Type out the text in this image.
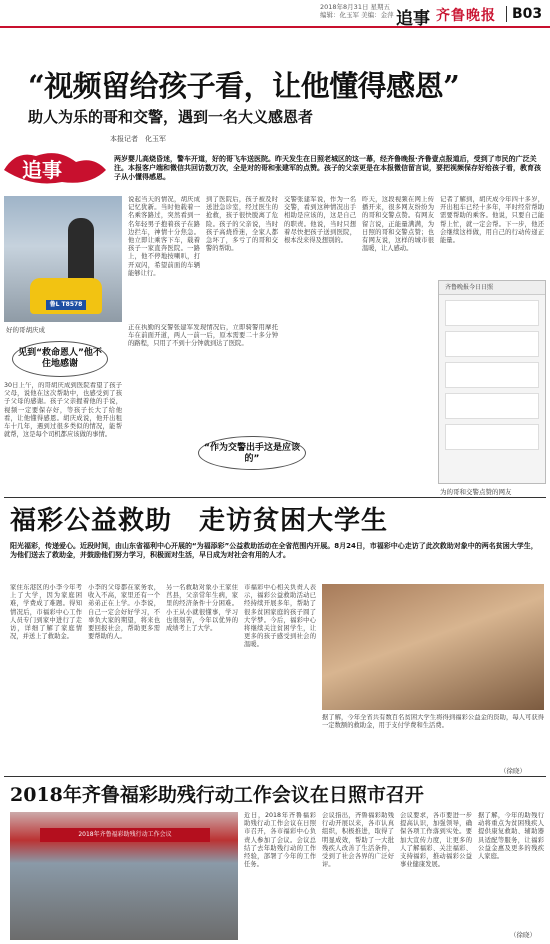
2018年8月31日 星期五
编辑：化玉军 美编：金萍 追事 齐鲁晚报 B03
“视频留给孩子看，让他懂得感恩”
助人为乐的哥和交警，遇到一名大义感恩者
本报记者　化玉军
追事	两岁婴儿高烧昏迷，警车开道，好的哥飞车送医院。昨天发生在日照老城区的这一幕，经齐鲁晚报·齐鲁壹点报道后，受到了市民的广泛关注。本报客户端和微信共回访数万次，全是对的哥和张建军的点赞。孩子的父亲更是在本报微信留言说，要把视频保存好给孩子看，教育孩子从小懂得感恩。
鲁L T8578
好的哥胡庆成
见到“救命恩人”他不住地感谢
30日上午，的哥胡庆成到医院看望了孩子父母，说他在这次帮助中，也感受到了孩子父母的感谢。孩子父亲握着他的手说，视频一定要保存好，等孩子长大了给他看，让他懂得感恩。胡庆成说，他开出租车十几年，遇到过很多类似的情况，能帮就帮，这是每个司机都应该做的事情。
说起当天的情况，胡庆成记忆犹新。当时他载着一名乘客路过，突然看到一名年轻男子抱着孩子在路边拦车，神情十分焦急。他立即让乘客下车，载着孩子一家直奔医院。一路上，他不停地按喇叭，打开双闪，希望前面的车辆能够让行。
正在执勤的交警张建军发现情况后，立即骑警用摩托车在前面开道，两人一前一后，原本需要二十多分钟的路程，只用了不到十分钟就到达了医院。
到了医院后，孩子被及时送进急诊室，经过医生的抢救，孩子很快脱离了危险。孩子的父亲说，当时孩子高烧昏迷，全家人都急坏了，多亏了的哥和交警的帮助。
交警张建军说，作为一名交警，看到这种情况出手相助是应该的，这是自己的职责。他说，当时只想着尽快把孩子送到医院，根本没来得及想别的。
“作为交警出手这是应该的”
昨天，这段视频在网上传播开来，很多网友纷纷为的哥和交警点赞。有网友留言说，正能量满满，为日照的哥和交警点赞；也有网友说，这样的城市很温暖，让人感动。
记者了解到，胡庆成今年四十多岁，开出租车已经十多年，平时经常帮助需要帮助的乘客。他说，只要自己能帮上忙，就一定会帮。下一步，他还会继续这样做，用自己的行动传递正能量。
齐鲁晚报今日日照
为的哥和交警点赞的网友
福彩公益救助　走访贫困大学生
阳光福彩，传递爱心。近段时间，由山东省福利中心开展的“为福添彩”公益救助活动在全省范围内开展。8月24日，市福彩中心走访了此次救助对象中的两名贫困大学生，为他们送去了救助金，并鼓励他们努力学习，积极面对生活，早日成为对社会有用的人才。
家住东港区的小李今年考上了大学，因为家庭困难，学费成了难题。得知情况后，市福彩中心工作人员专门到家中进行了走访，详细了解了家庭情况，并送上了救助金。
小李的父母都在家务农，收入不高，家里还有一个弟弟正在上学。小李说，自己一定会好好学习，不辜负大家的期望，将来也要回报社会，帮助更多需要帮助的人。
另一名救助对象小王家住莒县，父亲常年生病，家里的经济条件十分困难。小王从小就很懂事，学习也很刻苦，今年以优异的成绩考上了大学。
市福彩中心相关负责人表示，福彩公益救助活动已经持续开展多年，帮助了很多贫困家庭的孩子圆了大学梦。今后，福彩中心将继续关注贫困学生，让更多的孩子感受到社会的温暖。
据了解，今年全省共有数百名贫困大学生将得到福彩公益金的资助，每人可获得一定数额的救助金，用于支付学费和生活费。
（徐晓）
2018年齐鲁福彩助残行动工作会议在日照市召开
2018年齐鲁福彩助残行动工作会议
近日，2018年齐鲁福彩助残行动工作会议在日照市召开，各市福彩中心负责人参加了会议。会议总结了去年助残行动的工作经验，部署了今年的工作任务。
会议指出，齐鲁福彩助残行动开展以来，各市认真组织，积极推进，取得了明显成效，帮助了一大批残疾人改善了生活条件，受到了社会各界的广泛好评。
会议要求，各市要进一步提高认识，加强领导，确保各项工作落到实处。要加大宣传力度，让更多的人了解福彩、关注福彩、支持福彩，推动福彩公益事业健康发展。
据了解，今年的助残行动将重点为贫困残疾人提供康复救助、辅助器具适配等服务，让福彩公益金惠及更多的残疾人家庭。
（徐晓）
